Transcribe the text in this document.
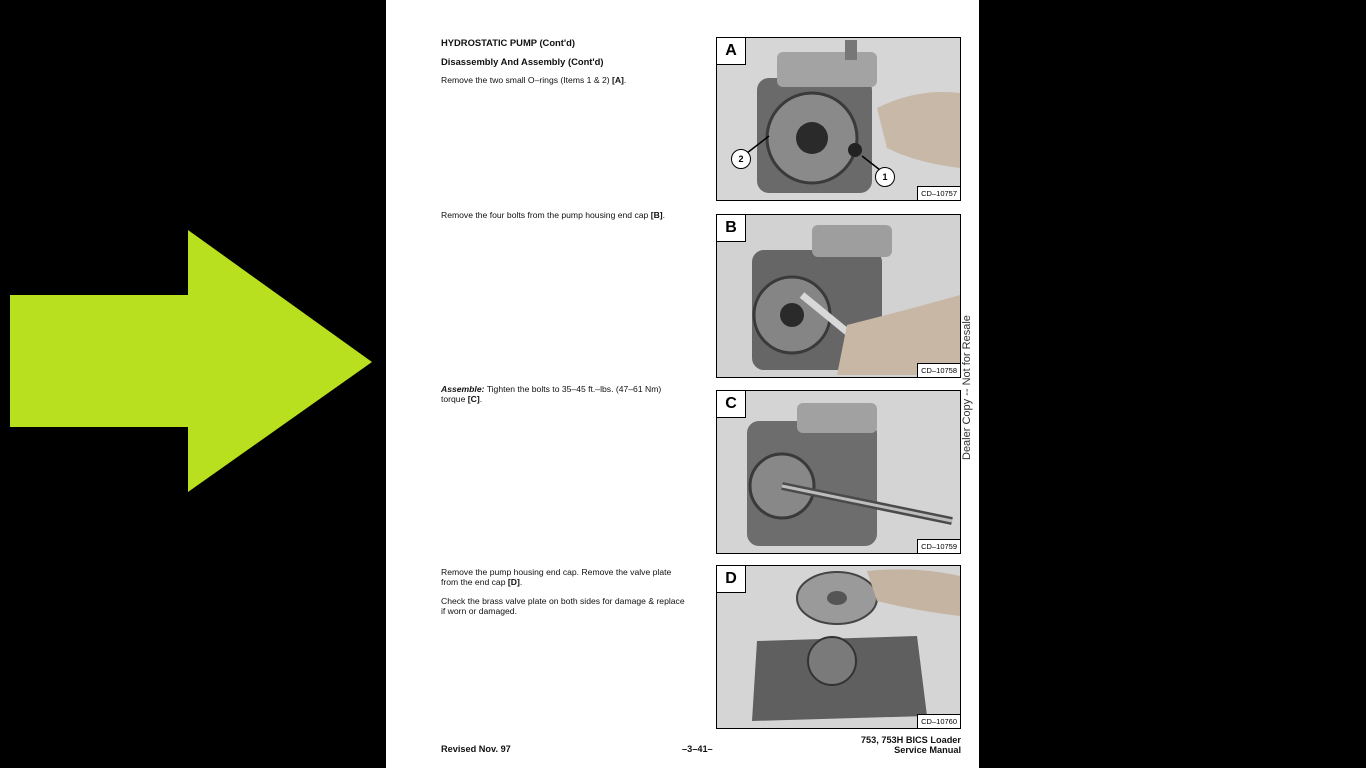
HYDROSTATIC PUMP (Cont'd)
Disassembly And Assembly (Cont'd)
Remove the two small O–rings (Items 1 & 2) [A].
Remove the four bolts from the pump housing end cap [B].
Assemble: Tighten the bolts to 35–45 ft.–lbs. (47–61 Nm) torque [C].
Remove the pump housing end cap. Remove the valve plate from the end cap [D].
Check the brass valve plate on both sides for damage & replace if worn or damaged.
A
2
1
CD–10757
B
CD–10758
C
CD–10759
D
CD–10760
Dealer Copy -- Not for Resale
Revised Nov. 97	–3–41–
753, 753H BICS Loader
Service Manual
